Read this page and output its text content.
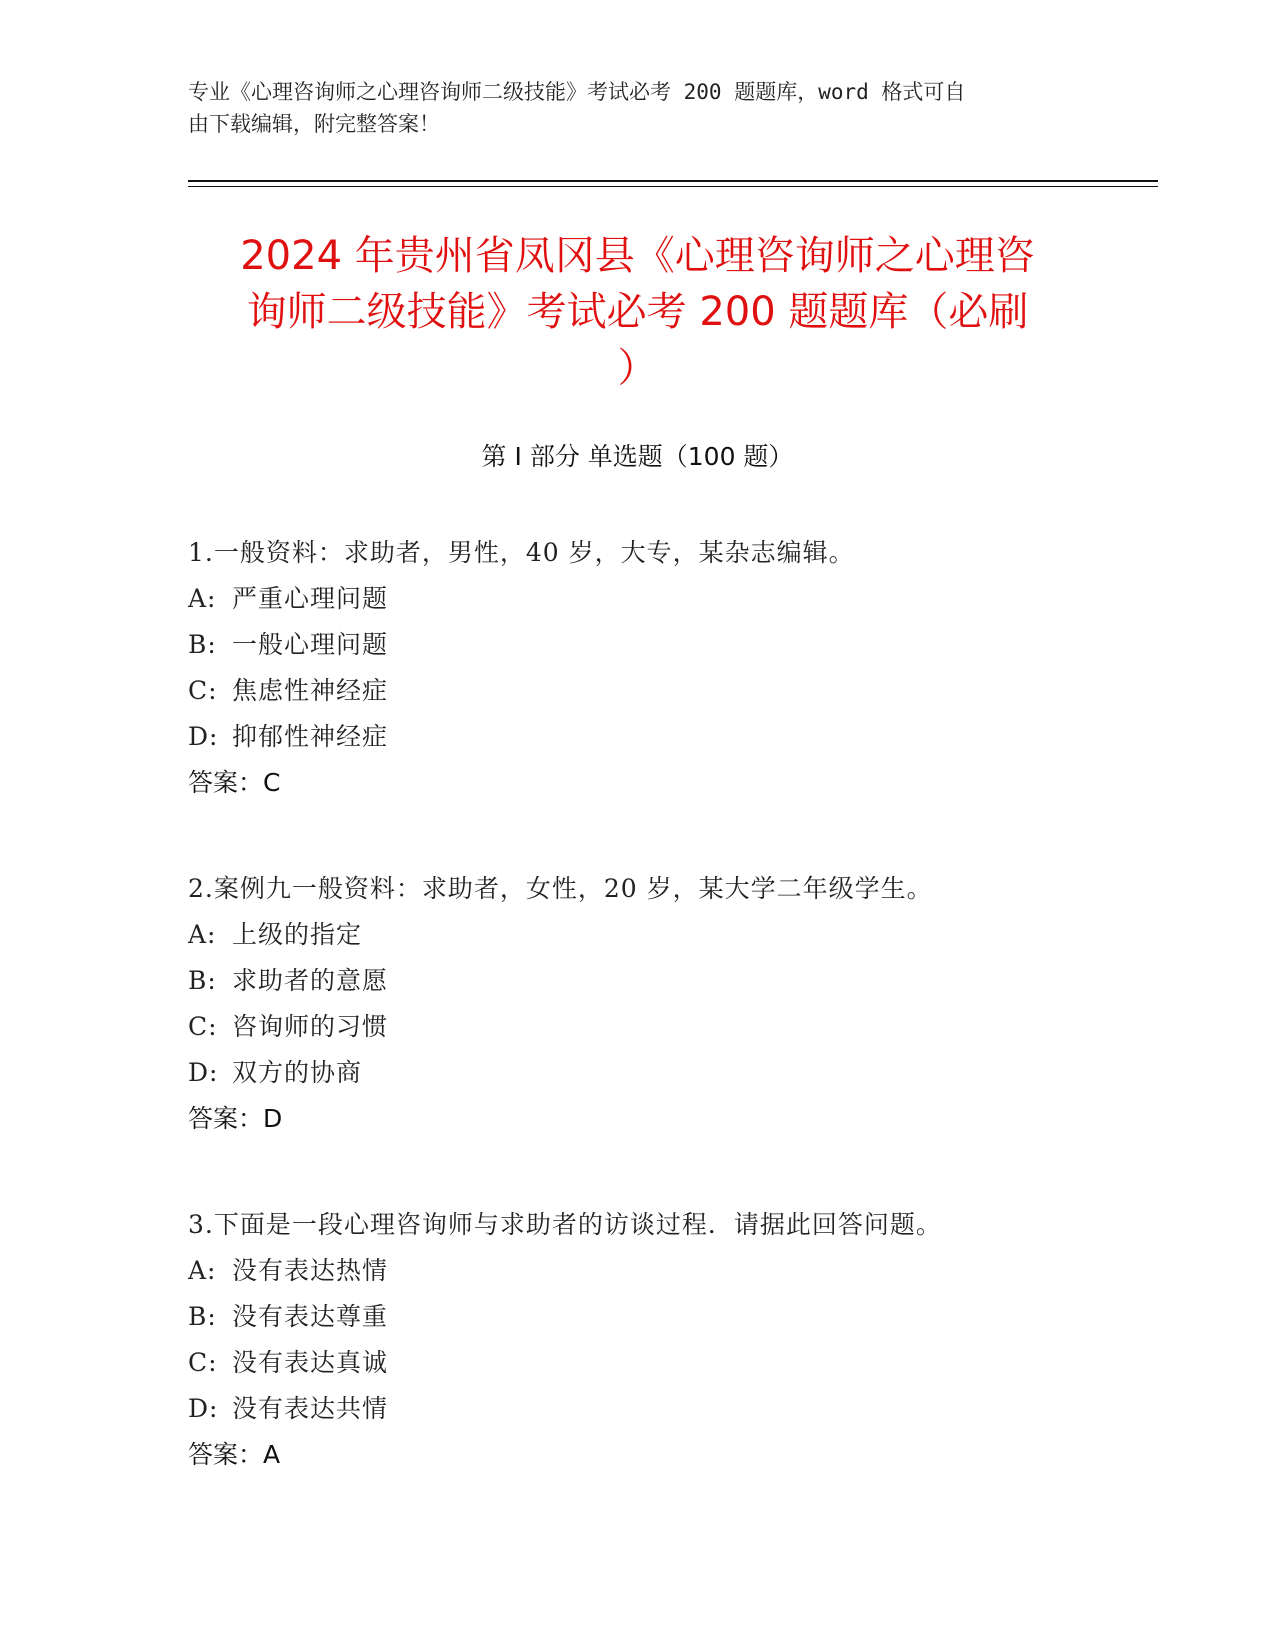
专业《心理咨询师之心理咨询师二级技能》考试必考 200 题题库，word 格式可自
由下载编辑，附完整答案！
2024 年贵州省凤冈县《心理咨询师之心理咨
询师二级技能》考试必考 200 题题库（必刷
）
第 I 部分 单选题（100 题）
1.一般资料：求助者，男性，40 岁，大专，某杂志编辑。
A: 严重心理问题
B: 一般心理问题
C: 焦虑性神经症
D: 抑郁性神经症
答案：C
2.案例九一般资料：求助者，女性，20 岁，某大学二年级学生。
A: 上级的指定
B: 求助者的意愿
C: 咨询师的习惯
D: 双方的协商
答案：D
3.下面是一段心理咨询师与求助者的访谈过程．请据此回答问题。
A: 没有表达热情
B: 没有表达尊重
C: 没有表达真诚
D: 没有表达共情
答案：A
